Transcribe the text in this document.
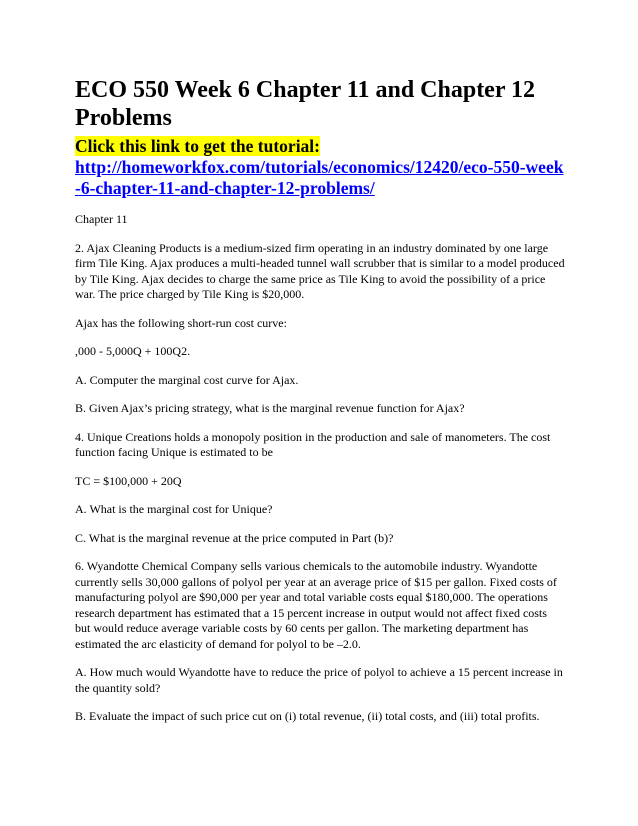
ECO 550 Week 6 Chapter 11 and Chapter 12 Problems
Click this link to get the tutorial:
http://homeworkfox.com/tutorials/economics/12420/eco-550-week-6-chapter-11-and-chapter-12-problems/

Chapter 11

2. Ajax Cleaning Products is a medium-sized firm operating in an industry dominated by one large firm Tile King. Ajax produces a multi-headed tunnel wall scrubber that is similar to a model produced by Tile King. Ajax decides to charge the same price as Tile King to avoid the possibility of a price war. The price charged by Tile King is $20,000.

Ajax has the following short-run cost curve:

,000 - 5,000Q + 100Q2.

A. Computer the marginal cost curve for Ajax.

B. Given Ajax’s pricing strategy, what is the marginal revenue function for Ajax?

4. Unique Creations holds a monopoly position in the production and sale of manometers. The cost function facing Unique is estimated to be

TC = $100,000 + 20Q

A. What is the marginal cost for Unique?

C. What is the marginal revenue at the price computed in Part (b)?

6. Wyandotte Chemical Company sells various chemicals to the automobile industry. Wyandotte currently sells 30,000 gallons of polyol per year at an average price of $15 per gallon. Fixed costs of manufacturing polyol are $90,000 per year and total variable costs equal $180,000. The operations research department has estimated that a 15 percent increase in output would not affect fixed costs but would reduce average variable costs by 60 cents per gallon. The marketing department has estimated the arc elasticity of demand for polyol to be –2.0.

A. How much would Wyandotte have to reduce the price of polyol to achieve a 15 percent increase in the quantity sold?

B. Evaluate the impact of such price cut on (i) total revenue, (ii) total costs, and (iii) total profits.
